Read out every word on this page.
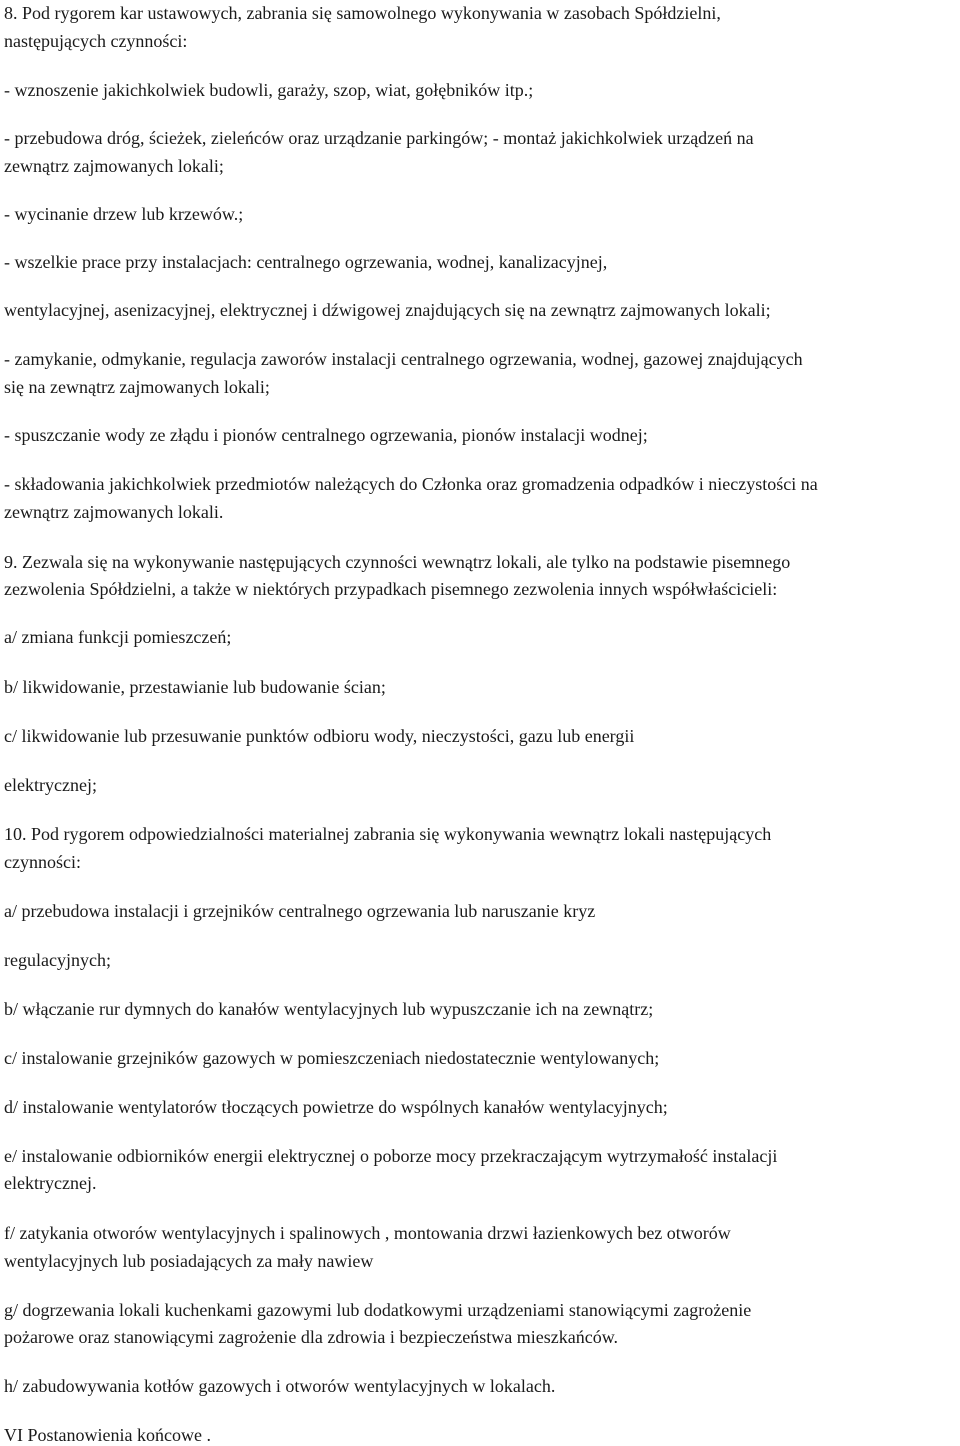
8. Pod rygorem kar ustawowych, zabrania się samowolnego wykonywania w zasobach Spółdzielni,
następujących czynności:
- wznoszenie jakichkolwiek budowli, garaży, szop, wiat, gołębników itp.;
- przebudowa dróg, ścieżek, zieleńców oraz urządzanie parkingów; - montaż jakichkolwiek urządzeń na
zewnątrz zajmowanych lokali;
- wycinanie drzew lub krzewów.;
- wszelkie prace przy instalacjach: centralnego ogrzewania, wodnej, kanalizacyjnej,
wentylacyjnej, asenizacyjnej, elektrycznej i dźwigowej znajdujących się na zewnątrz zajmowanych lokali;
- zamykanie, odmykanie, regulacja zaworów instalacji centralnego ogrzewania, wodnej, gazowej znajdujących
się na zewnątrz zajmowanych lokali;
- spuszczanie wody ze złądu i pionów centralnego ogrzewania, pionów instalacji wodnej;
- składowania jakichkolwiek przedmiotów należących do Członka oraz gromadzenia odpadków i nieczystości na
zewnątrz zajmowanych lokali.
9. Zezwala się na wykonywanie następujących czynności wewnątrz lokali, ale tylko na podstawie pisemnego
zezwolenia Spółdzielni, a także w niektórych przypadkach pisemnego zezwolenia innych współwłaścicieli:
a/ zmiana funkcji pomieszczeń;
b/ likwidowanie, przestawianie lub budowanie ścian;
c/ likwidowanie lub przesuwanie punktów odbioru wody, nieczystości, gazu lub energii
elektrycznej;
10. Pod rygorem odpowiedzialności materialnej zabrania się wykonywania wewnątrz lokali następujących
czynności:
a/ przebudowa instalacji i grzejników centralnego ogrzewania lub naruszanie kryz
regulacyjnych;
b/ włączanie rur dymnych do kanałów wentylacyjnych lub wypuszczanie ich na zewnątrz;
c/ instalowanie grzejników gazowych w pomieszczeniach niedostatecznie wentylowanych;
d/ instalowanie wentylatorów tłoczących powietrze do wspólnych kanałów wentylacyjnych;
e/ instalowanie odbiorników energii elektrycznej o poborze mocy przekraczającym wytrzymałość instalacji
elektrycznej.
f/ zatykania otworów wentylacyjnych i spalinowych , montowania drzwi łazienkowych bez otworów
wentylacyjnych lub posiadających za mały nawiew
g/ dogrzewania lokali kuchenkami gazowymi lub dodatkowymi urządzeniami stanowiącymi zagrożenie
pożarowe oraz stanowiącymi zagrożenie dla zdrowia i bezpieczeństwa mieszkańców.
h/ zabudowywania kotłów gazowych i otworów wentylacyjnych w lokalach.
VI Postanowienia końcowe .
